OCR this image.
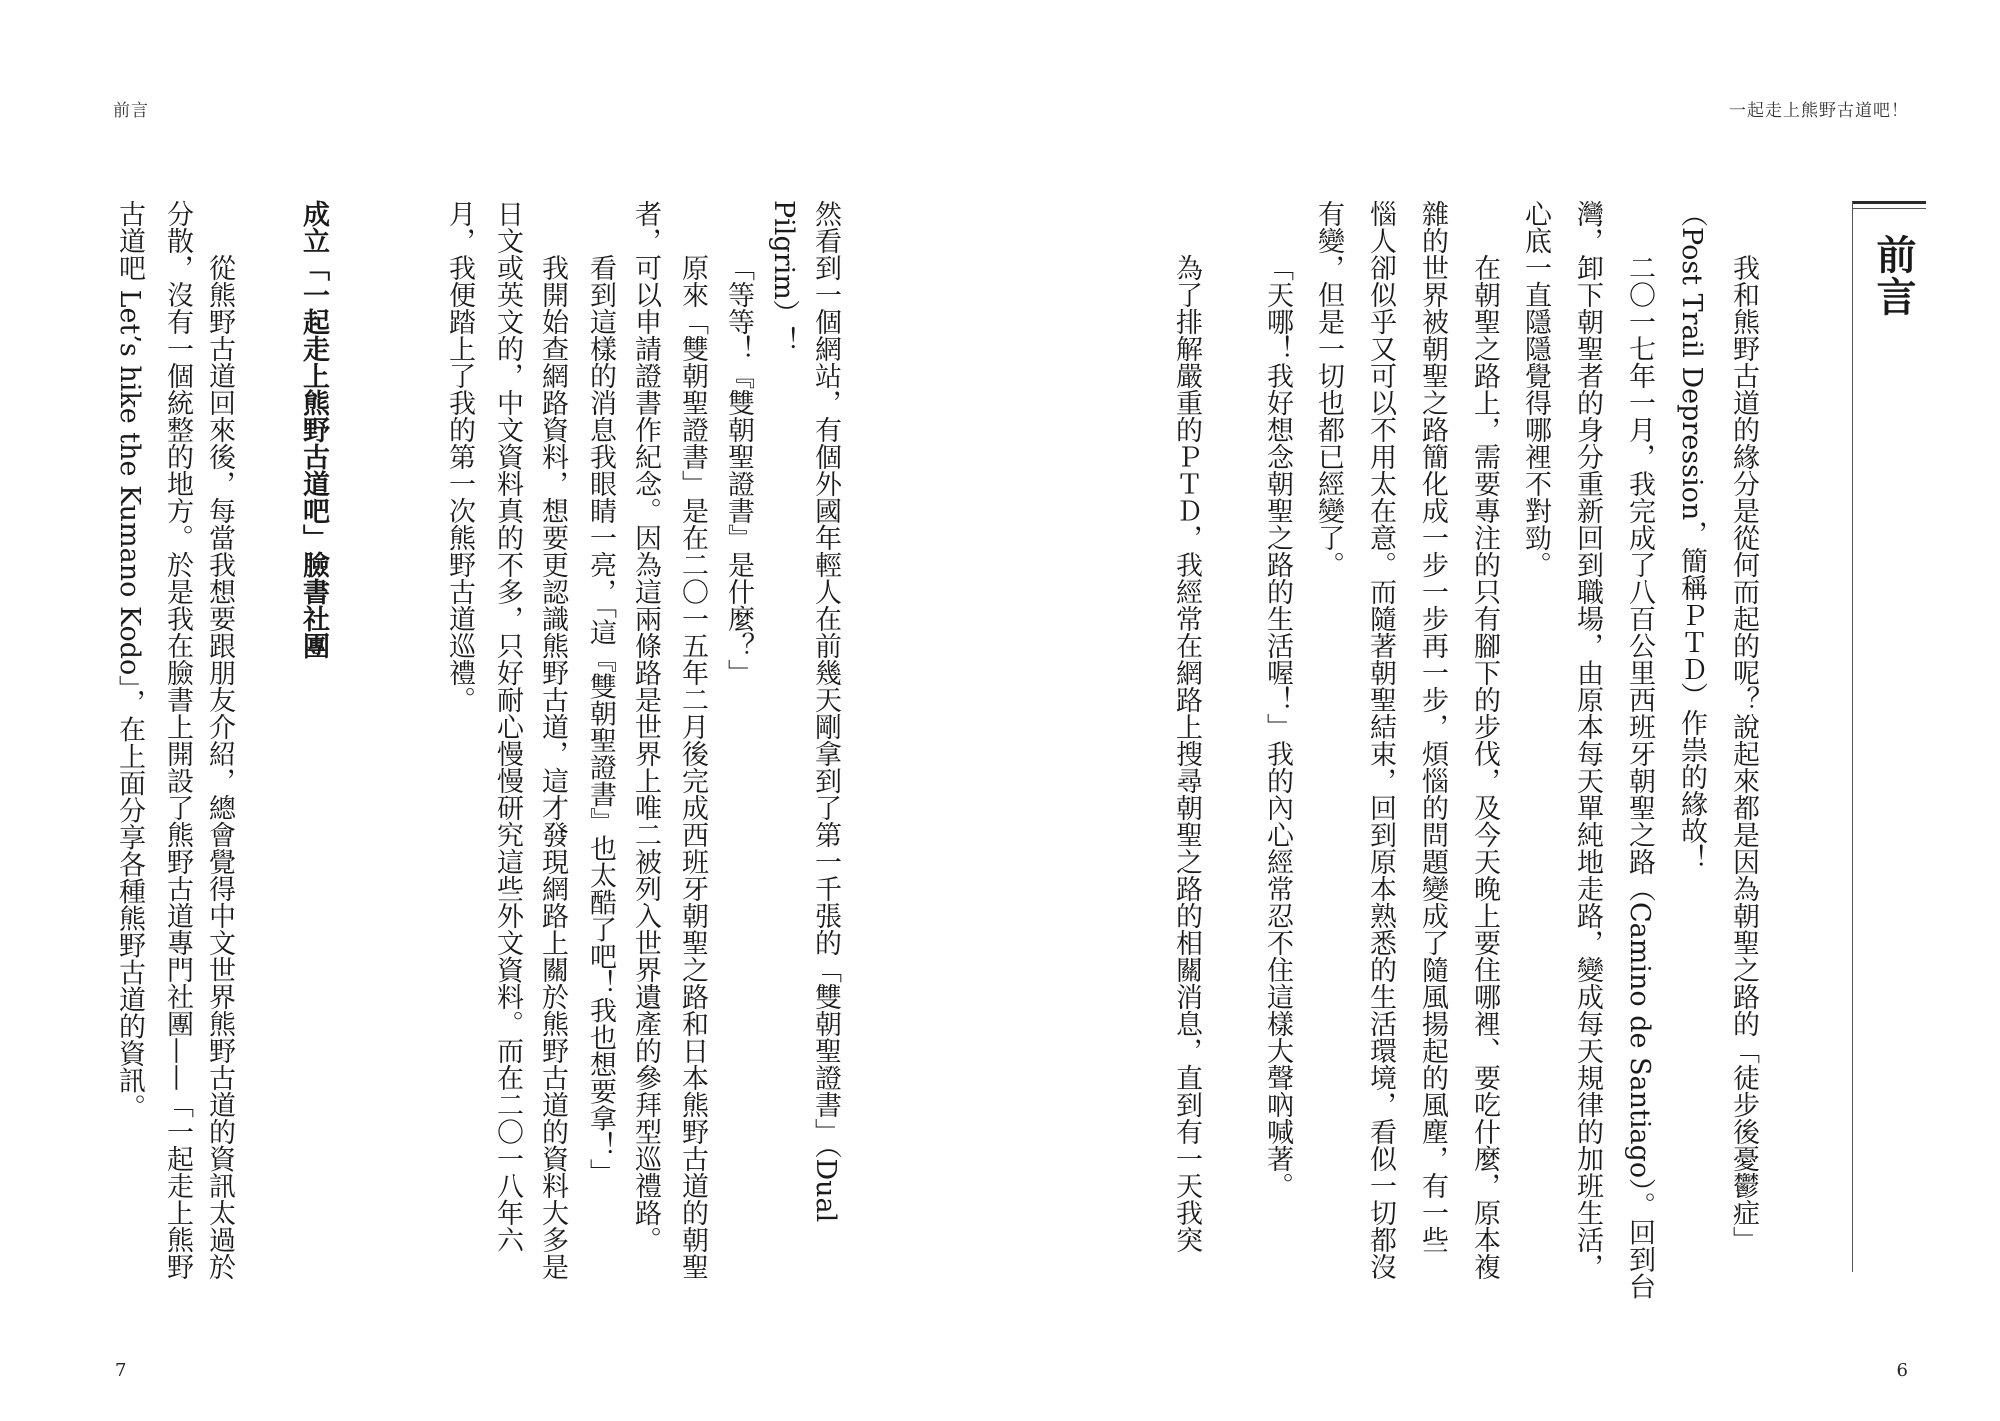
前言	一起走上熊野古道吧！
前言
我和熊野古道的緣分是從何而起的呢？說起來都是因為朝聖之路的「徒步後憂鬱症」
（Post Trail Depression，簡稱ＰＴＤ）作祟的緣故！
二〇一七年一月，我完成了八百公里西班牙朝聖之路（Camino de Santiago）。回到台
灣，卸下朝聖者的身分重新回到職場，由原本每天單純地走路，變成每天規律的加班生活，
心底一直隱隱覺得哪裡不對勁。
在朝聖之路上，需要專注的只有腳下的步伐，及今天晚上要住哪裡、要吃什麼，原本複
雜的世界被朝聖之路簡化成一步一步再一步，煩惱的問題變成了隨風揚起的風塵，有一些
惱人卻似乎又可以不用太在意。而隨著朝聖結束，回到原本熟悉的生活環境，看似一切都沒
有變，但是一切也都已經變了。
「天哪！我好想念朝聖之路的生活喔！」我的內心經常忍不住這樣大聲吶喊著。
為了排解嚴重的ＰＴＤ，我經常在網路上搜尋朝聖之路的相關消息，直到有一天我突
然看到一個網站，有個外國年輕人在前幾天剛拿到了第一千張的「雙朝聖證書」（Dual
Pilgrim）！
「等等！『雙朝聖證書』是什麼？」
原來「雙朝聖證書」是在二〇一五年二月後完成西班牙朝聖之路和日本熊野古道的朝聖
者，可以申請證書作紀念。因為這兩條路是世界上唯二被列入世界遺產的參拜型巡禮路。
看到這樣的消息我眼睛一亮，「這『雙朝聖證書』也太酷了吧！我也想要拿！」
我開始查網路資料，想要更認識熊野古道，這才發現網路上關於熊野古道的資料大多是
日文或英文的，中文資料真的不多，只好耐心慢慢研究這些外文資料。而在二〇一八年六
月，我便踏上了我的第一次熊野古道巡禮。
成立「一起走上熊野古道吧」臉書社團
從熊野古道回來後，每當我想要跟朋友介紹，總會覺得中文世界熊野古道的資訊太過於
分散，沒有一個統整的地方。於是我在臉書上開設了熊野古道專門社團——「一起走上熊野
古道吧 Let’s hike the Kumano Kodo」，在上面分享各種熊野古道的資訊。
7	6
